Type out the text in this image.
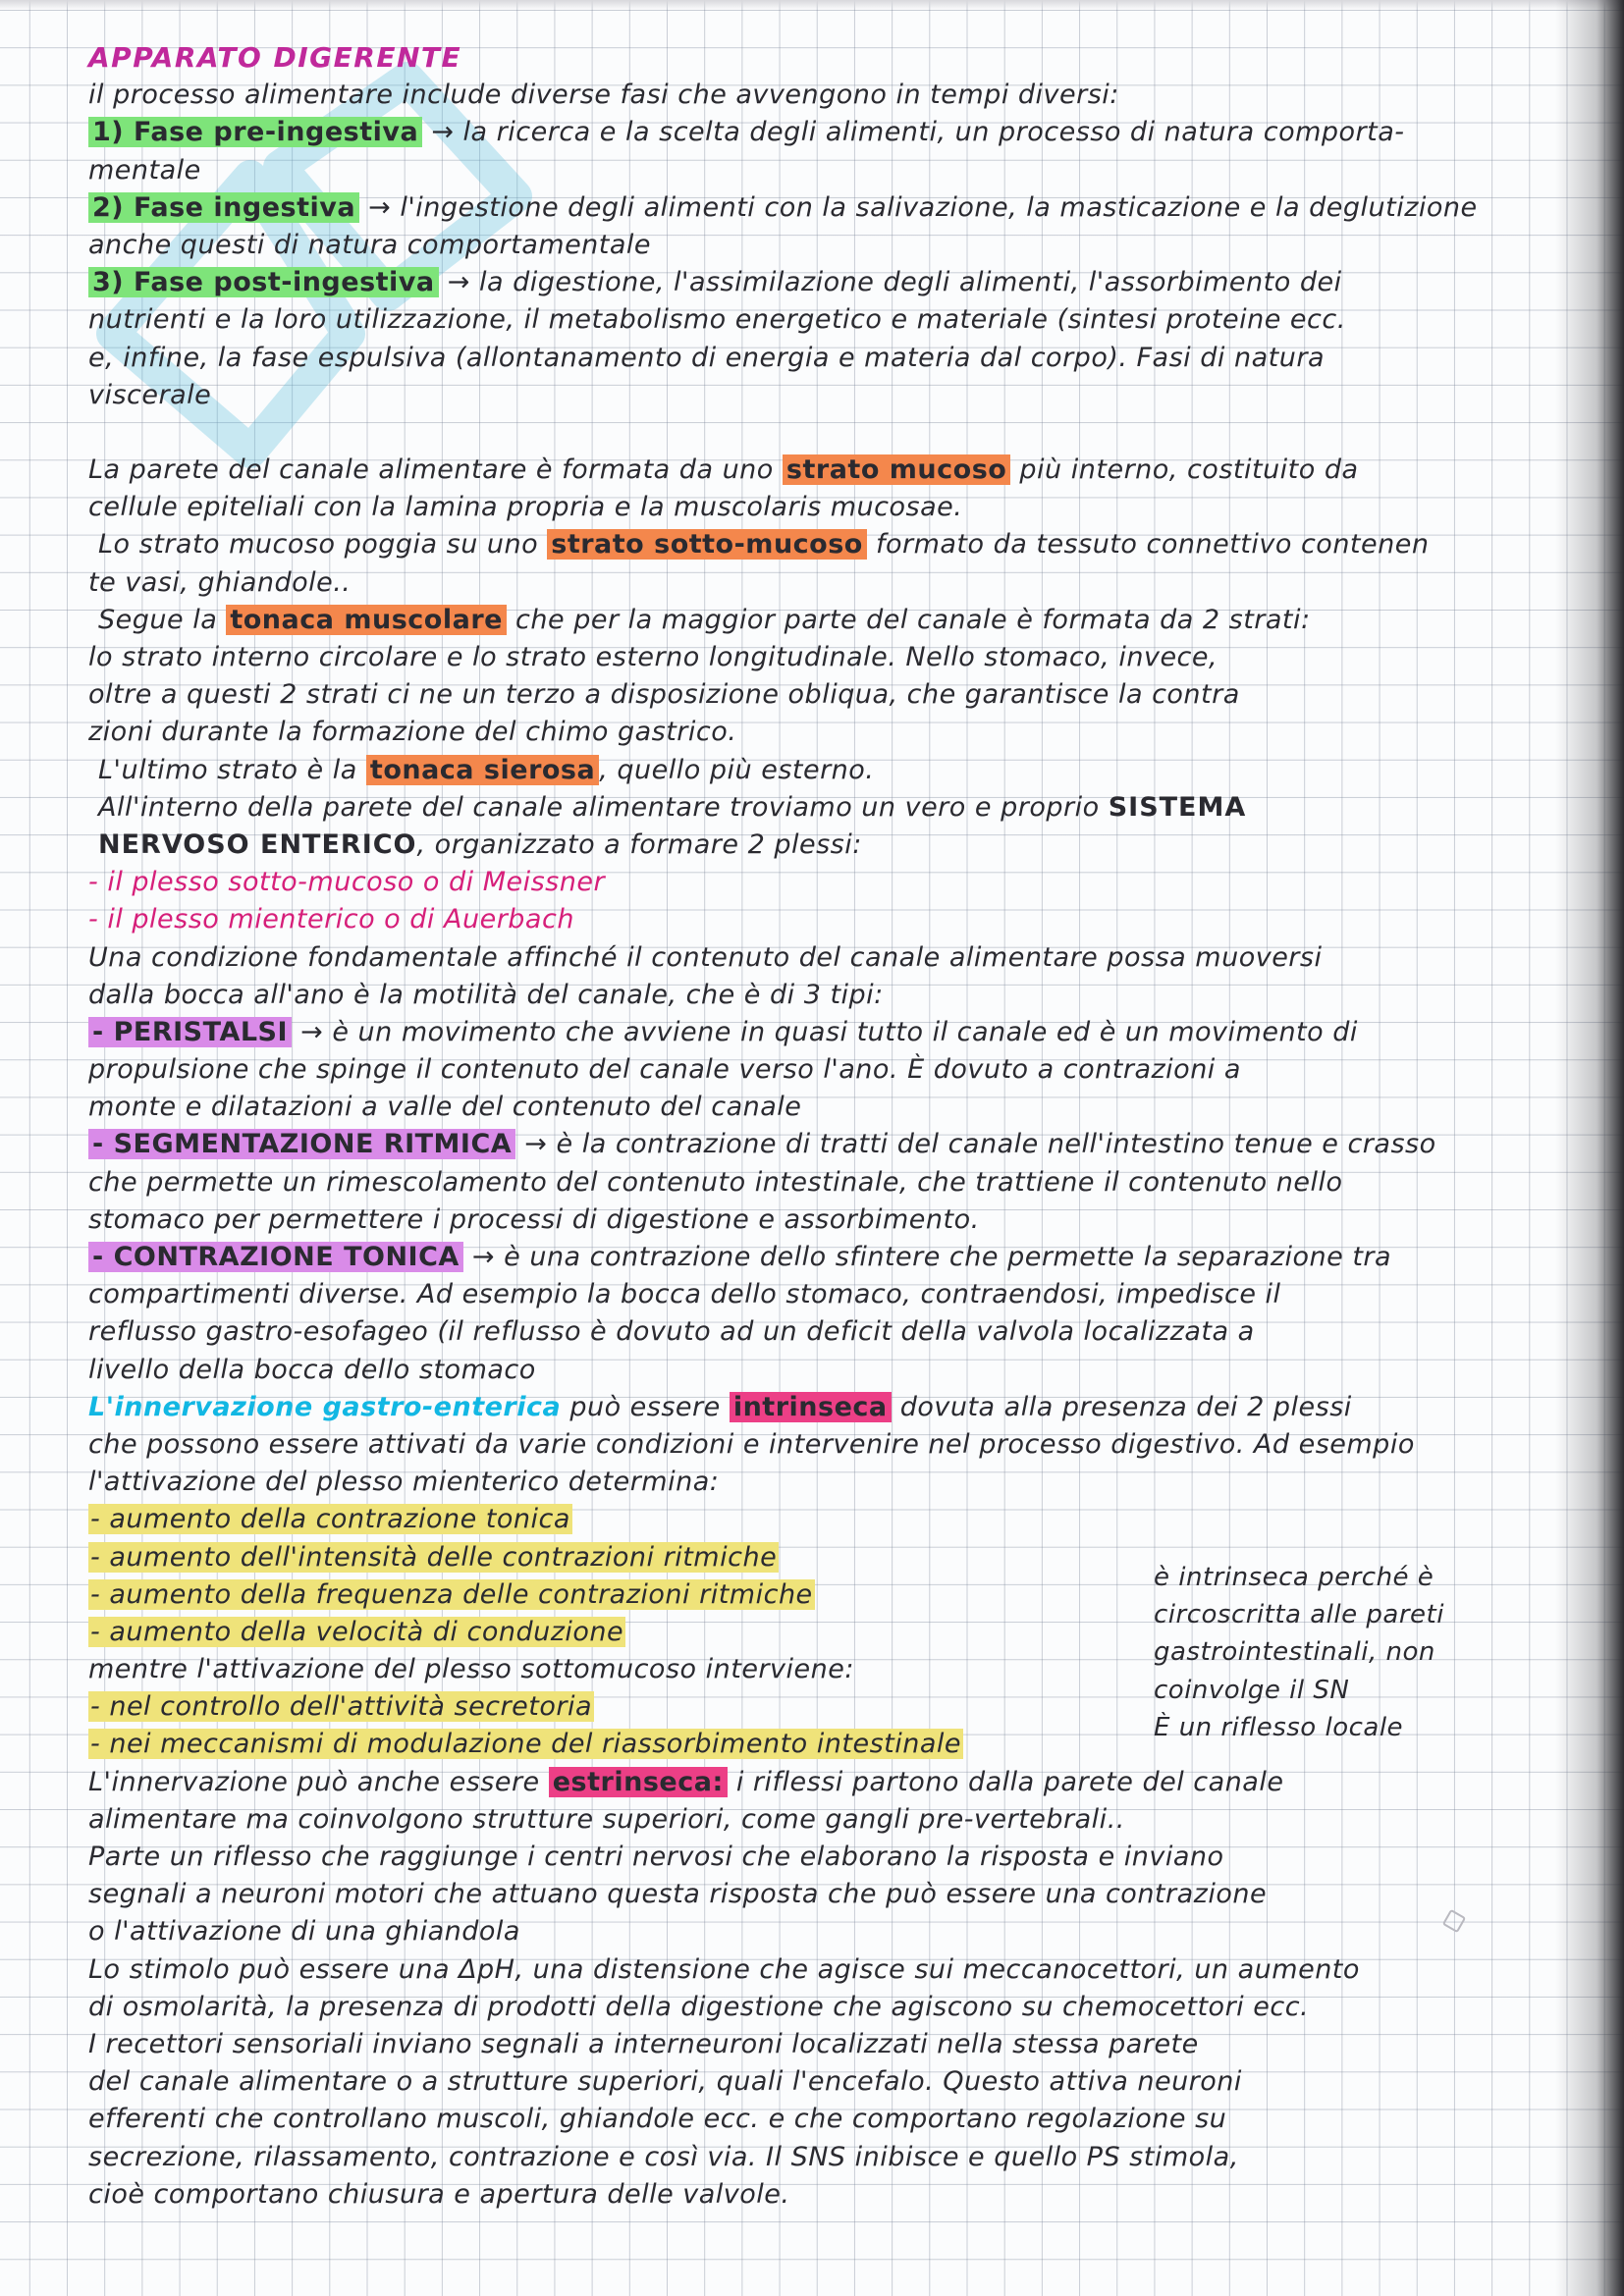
APPARATO DIGERENTE
il processo alimentare include diverse fasi che avvengono in tempi diversi:
1) Fase pre-ingestiva → la ricerca e la scelta degli alimenti, un processo di natura comporta-
mentale
2) Fase ingestiva → l'ingestione degli alimenti con la salivazione, la masticazione e la deglutizione
anche questi di natura comportamentale
3) Fase post-ingestiva → la digestione, l'assimilazione degli alimenti, l'assorbimento dei
nutrienti e la loro utilizzazione, il metabolismo energetico e materiale (sintesi proteine ecc.
e, infine, la fase espulsiva (allontanamento di energia e materia dal corpo). Fasi di natura
viscerale
La parete del canale alimentare è formata da uno strato mucoso più interno, costituito da
cellule epiteliali con la lamina propria e la muscolaris mucosae.
Lo strato mucoso poggia su uno strato sotto-mucoso formato da tessuto connettivo contenen
te vasi, ghiandole..
Segue la tonaca muscolare che per la maggior parte del canale è formata da 2 strati:
lo strato interno circolare e lo strato esterno longitudinale. Nello stomaco, invece,
oltre a questi 2 strati ci ne un terzo a disposizione obliqua, che garantisce la contra
zioni durante la formazione del chimo gastrico.
L'ultimo strato è la tonaca sierosa , quello più esterno.
All'interno della parete del canale alimentare troviamo un vero e proprio SISTEMA
NERVOSO ENTERICO, organizzato a formare 2 plessi:
- il plesso sotto-mucoso o di Meissner
- il plesso mienterico o di Auerbach
Una condizione fondamentale affinché il contenuto del canale alimentare possa muoversi
dalla bocca all'ano è la motilità del canale, che è di 3 tipi:
- PERISTALSI → è un movimento che avviene in quasi tutto il canale ed è un movimento di
propulsione che spinge il contenuto del canale verso l'ano. È dovuto a contrazioni a
monte e dilatazioni a valle del contenuto del canale
- SEGMENTAZIONE RITMICA → è la contrazione di tratti del canale nell'intestino tenue e crasso
che permette un rimescolamento del contenuto intestinale, che trattiene il contenuto nello
stomaco per permettere i processi di digestione e assorbimento.
- CONTRAZIONE TONICA → è una contrazione dello sfintere che permette la separazione tra
compartimenti diverse. Ad esempio la bocca dello stomaco, contraendosi, impedisce il
reflusso gastro-esofageo (il reflusso è dovuto ad un deficit della valvola localizzata a
livello della bocca dello stomaco
L'innervazione gastro-enterica può essere intrinseca dovuta alla presenza dei 2 plessi
che possono essere attivati da varie condizioni e intervenire nel processo digestivo. Ad esempio
l'attivazione del plesso mienterico determina:
- aumento della contrazione tonica
- aumento dell'intensità delle contrazioni ritmiche
- aumento della frequenza delle contrazioni ritmiche
- aumento della velocità di conduzione
mentre l'attivazione del plesso sottomucoso interviene:
- nel controllo dell'attività secretoria
- nei meccanismi di modulazione del riassorbimento intestinale
L'innervazione può anche essere estrinseca: i riflessi partono dalla parete del canale
alimentare ma coinvolgono strutture superiori, come gangli pre-vertebrali..
Parte un riflesso che raggiunge i centri nervosi che elaborano la risposta e inviano
segnali a neuroni motori che attuano questa risposta che può essere una contrazione
o l'attivazione di una ghiandola
Lo stimolo può essere una ΔpH, una distensione che agisce sui meccanocettori, un aumento
di osmolarità, la presenza di prodotti della digestione che agiscono su chemocettori ecc.
I recettori sensoriali inviano segnali a interneuroni localizzati nella stessa parete
del canale alimentare o a strutture superiori, quali l'encefalo. Questo attiva neuroni
efferenti che controllano muscoli, ghiandole ecc. e che comportano regolazione su
secrezione, rilassamento, contrazione e così via. Il SNS inibisce e quello PS stimola,
cioè comportano chiusura e apertura delle valvole.
è intrinseca perché è
circoscritta alle pareti
gastrointestinali, non
coinvolge il SN
È un riflesso locale
